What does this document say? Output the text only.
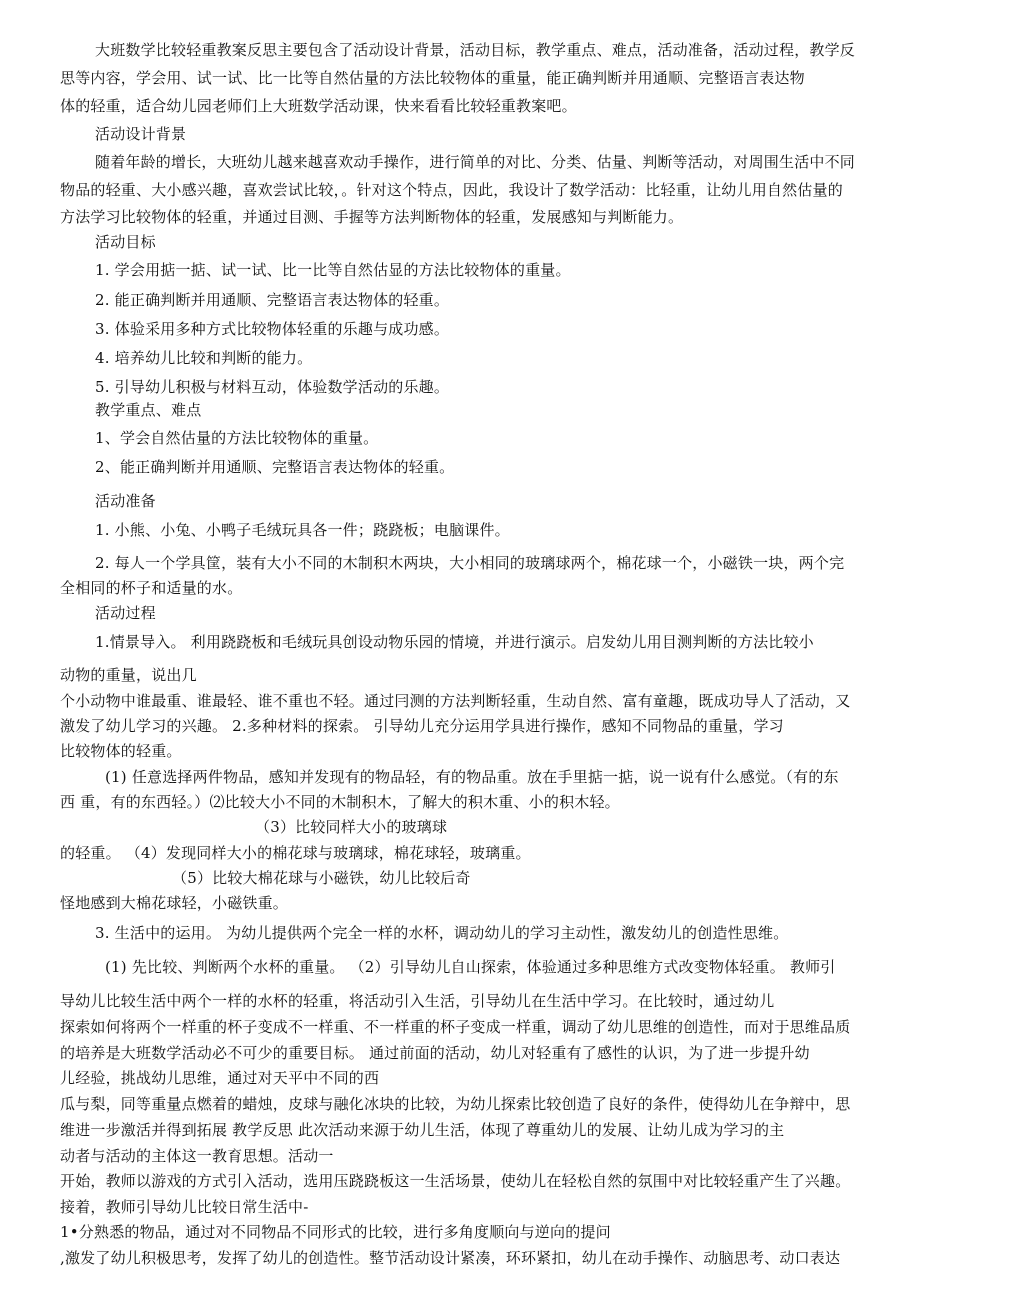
大班数学比较轻重教案反思主要包含了活动设计背景，活动目标，教学重点、难点，活动准备，活动过程，教学反
思等内容，学会用、试一试、比一比等自然估量的方法比较物体的重量，能正确判断并用通顺、完整语言表达物
体的轻重，适合幼儿园老师们上大班数学活动课，快来看看比较轻重教案吧。
活动设计背景
随着年龄的增长，大班幼儿越来越喜欢动手操作，进行简单的对比、分类、估量、判断等活动，对周围生活中不同
物品的轻重、大小感兴趣，喜欢尝试比较，。针对这个特点，因此，我设计了数学活动：比轻重，让幼儿用自然估量的
方法学习比较物体的轻重，并通过目测、手握等方法判断物体的轻重，发展感知与判断能力。
活动目标
1. 学会用掂一掂、试一试、比一比等自然估显的方法比较物体的重量。
2. 能正确判断并用通顺、完整语言表达物体的轻重。
3. 体验采用多种方式比较物体轻重的乐趣与成功感。
4. 培养幼儿比较和判断的能力。
5. 引导幼儿积极与材料互动，体验数学活动的乐趣。
教学重点、难点
1、学会自然估量的方法比较物体的重量。
2、能正确判断并用通顺、完整语言表达物体的轻重。
活动准备
1. 小熊、小兔、小鸭子毛绒玩具各一件；跷跷板；电脑课件。
2. 每人一个学具筐，装有大小不同的木制积木两块，大小相同的玻璃球两个，棉花球一个，小磁铁一块，两个完
全相同的杯子和适量的水。
活动过程
1.情景导入。 利用跷跷板和毛绒玩具创设动物乐园的情境，并进行演示。启发幼儿用目测判断的方法比较小
动物的重量，说出几
个小动物中谁最重、谁最轻、谁不重也不轻。通过冃测的方法判断轻重，生动自然、富有童趣，既成功导人了活动，又
激发了幼儿学习的兴趣。 2.多种材料的探索。 引导幼儿充分运用学具进行操作，感知不同物品的重量，学习
比较物体的轻重。
(1) 任意选择两件物品，感知并发现有的物品轻，有的物品重。放在手里掂一掂，说一说有什么感觉。（有的东
西 重，有的东西轻。）⑵比较大小不同的木制积木，了解大的积木重、小的积木轻。
（3）比较同样大小的玻璃球
的轻重。 （4）发现同样大小的棉花球与玻璃球，棉花球轻，玻璃重。
（5）比较大棉花球与小磁铁，幼儿比较后奇
怪地感到大棉花球轻，小磁铁重。
3. 生活中的运用。 为幼儿提供两个完全一样的水杯，调动幼儿的学习主动性，激发幼儿的创造性思维。
(1) 先比较、判断两个水杯的重量。 （2）引导幼儿自山探索，体验通过多种思维方式改变物体轻重。 教师引
导幼儿比较生活中两个一样的水杯的轻重，将活动引入生活，引导幼儿在生活中学习。在比较时，通过幼儿
探索如何将两个一样重的杯子变成不一样重、不一样重的杯子变成一样重，调动了幼儿思维的创造性，而对于思维品质
的培养是大班数学活动必不可少的重要目标。 通过前面的活动，幼儿对轻重有了感性的认识，为了进一步提升幼
儿经验，挑战幼儿思维，通过对天平中不同的西
瓜与梨，同等重量点燃着的蜡烛，皮球与融化冰块的比较，为幼儿探索比较创造了良好的条件，使得幼儿在争辩中，思
维进一步激活并得到拓展 教学反思 此次活动来源于幼儿生活，体现了尊重幼儿的发展、让幼儿成为学习的主
动者与活动的主体这一教育思想。活动一
开始，教师以游戏的方式引入活动，选用压跷跷板这一生活场景，使幼儿在轻松自然的氛围中对比较轻重产生了兴趣。
接着，教师引导幼儿比较日常生活中-
1•分熟悉的物品，通过对不同物品不同形式的比较，进行多角度顺向与逆向的提问
,激发了幼儿积极思考，发挥了幼儿的创造性。整节活动设计紧凑，环环紧扣，幼儿在动手操作、动脑思考、动口表达
